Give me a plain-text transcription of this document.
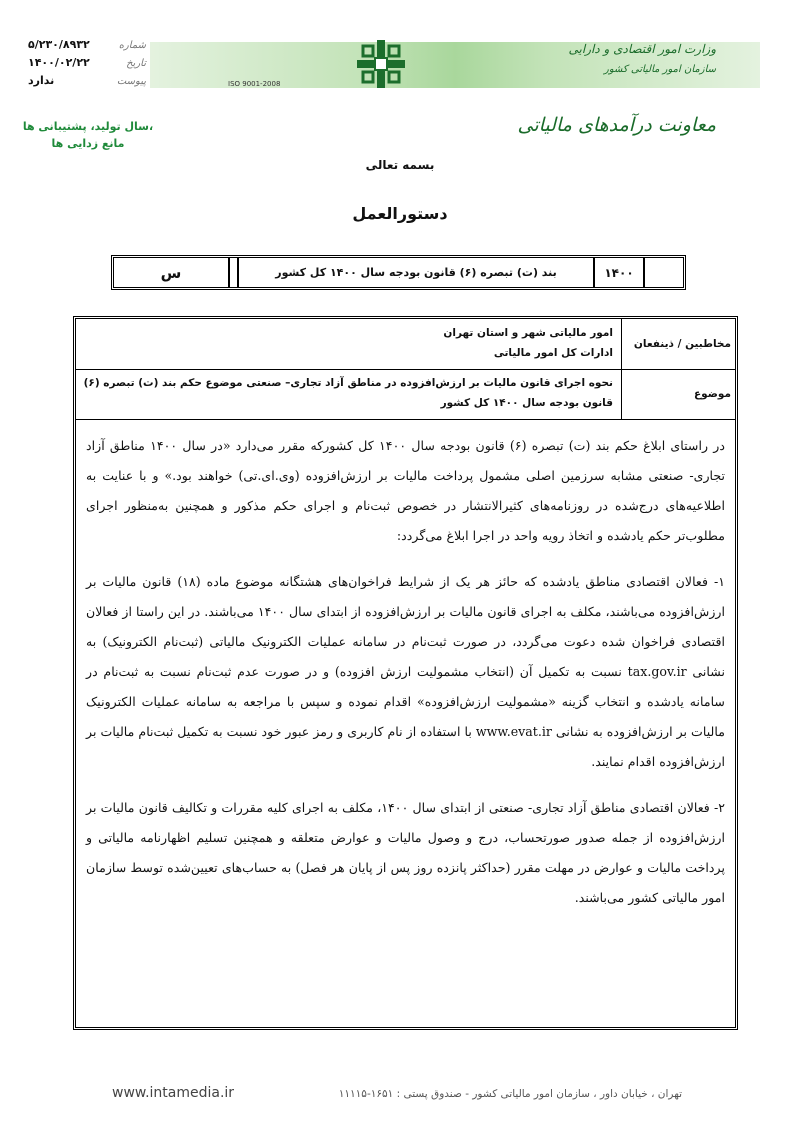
شماره
۵/۲۳۰/۸۹۳۲
تاریخ
۱۴۰۰/۰۲/۲۲
پیوست
ندارد
سال تولید، پشتیبانی ها،
مانع زدایی ها
ISO 9001-2008
وزارت امور اقتصادی و دارایی
سازمان امور مالیاتی کشور
معاونت درآمدهای مالیاتی
بسمه تعالی
دستورالعمل
۱۴۰۰
بند (ت) تبصره (۶) قانون بودجه سال ۱۴۰۰ کل کشور
س
مخاطبین / ذینفعان
امور مالیاتی شهر و استان تهران
ادارات کل امور مالیاتی
موضوع
نحوه اجرای قانون مالیات بر ارزش‌افزوده در مناطق آزاد تجاری– صنعتی موضوع حکم بند (ت) تبصره (۶)
قانون بودجه سال ۱۴۰۰ کل کشور

در راستای ابلاغ حکم بند (ت) تبصره (۶) قانون بودجه سال ۱۴۰۰ کل کشورکه مقرر می‌دارد «در سال ۱۴۰۰ مناطق آزاد تجاری- صنعتی مشابه سرزمین اصلی مشمول پرداخت مالیات بر ارزش‌افزوده (وی.ای.تی) خواهند بود.» و با عنایت به اطلاعیه‌های درج‌شده در روزنامه‌های کثیرالانتشار در خصوص ثبت‌نام و اجرای حکم مذکور و همچنین به‌منظور اجرای مطلوب‌تر حکم یادشده و اتخاذ رویه واحد در اجرا ابلاغ می‌گردد:

۱- فعالان اقتصادی مناطق یادشده که حائز هر یک از شرایط فراخوان‌های هشتگانه موضوع ماده (۱۸) قانون مالیات بر ارزش‌افزوده می‌باشند، مکلف به اجرای قانون مالیات بر ارزش‌افزوده از ابتدای سال ۱۴۰۰ می‌باشند. در این راستا از فعالان اقتصادی فراخوان شده دعوت می‌گردد، در صورت ثبت‌نام در سامانه عملیات الکترونیک مالیاتی (ثبت‌نام الکترونیک) به نشانی tax.gov.ir نسبت به تکمیل آن (انتخاب مشمولیت ارزش افزوده) و در صورت عدم ثبت‌نام نسبت به ثبت‌نام در سامانه یادشده و انتخاب گزینه «مشمولیت ارزش‌افزوده» اقدام نموده و سپس با مراجعه به سامانه عملیات الکترونیک مالیات بر ارزش‌افزوده به نشانی www.evat.ir با استفاده از نام کاربری و رمز عبور خود نسبت به تکمیل ثبت‌نام مالیات بر ارزش‌افزوده اقدام نمایند.

۲- فعالان اقتصادی مناطق آزاد تجاری- صنعتی از ابتدای سال ۱۴۰۰، مکلف به اجرای کلیه مقررات و تکالیف قانون مالیات بر ارزش‌افزوده از جمله صدور صورتحساب، درج و وصول مالیات و عوارض متعلقه و همچنین تسلیم اظهارنامه مالیاتی و پرداخت مالیات و عوارض در مهلت مقرر (حداکثر پانزده روز پس از پایان هر فصل) به حساب‌های تعیین‌شده توسط سازمان امور مالیاتی کشور می‌باشند.

تهران ، خیابان داور ، سازمان امور مالیاتی کشور - صندوق پستی : ۱۶۵۱-۱۱۱۱۵
www.intamedia.ir
